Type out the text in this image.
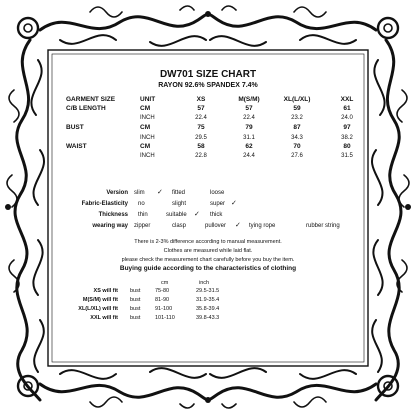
DW701 SIZE CHART
RAYON 92.6% SPANDEX 7.4%
GARMENT SIZE	UNIT	XS	M(S/M)	XL(L/XL)	XXL
C/B LENGTH	CM	57	57	59	61
INCH	22.4	22.4	23.2	24.0
BUST	CM	75	79	87	97
INCH	29.5	31.1	34.3	38.2
WAIST	CM	58	62	70	80
INCH	22.8	24.4	27.6	31.5
Version slim ✓ fitted	loose
Fabric-Elasticity no	slight	super ✓
Thickness thin	suitable ✓ thick
wearing way zipper	clasp	pullover ✓ tying rope	rubber string
There is 2-3% difference according to manual measurement.
Clothes are measured while laid flat.
please check the measurement chart carefully before you buy the item.
Buying guide according to the characteristics of clothing
cm	inch
XS will fit bust	75-80	29.5-31.5
M(S/M) will fit bust	81-90	31.9-35.4
XL(L/XL) will fit bust	91-100	35.8-39.4
XXL will fit bust	101-110	39.8-43.3
